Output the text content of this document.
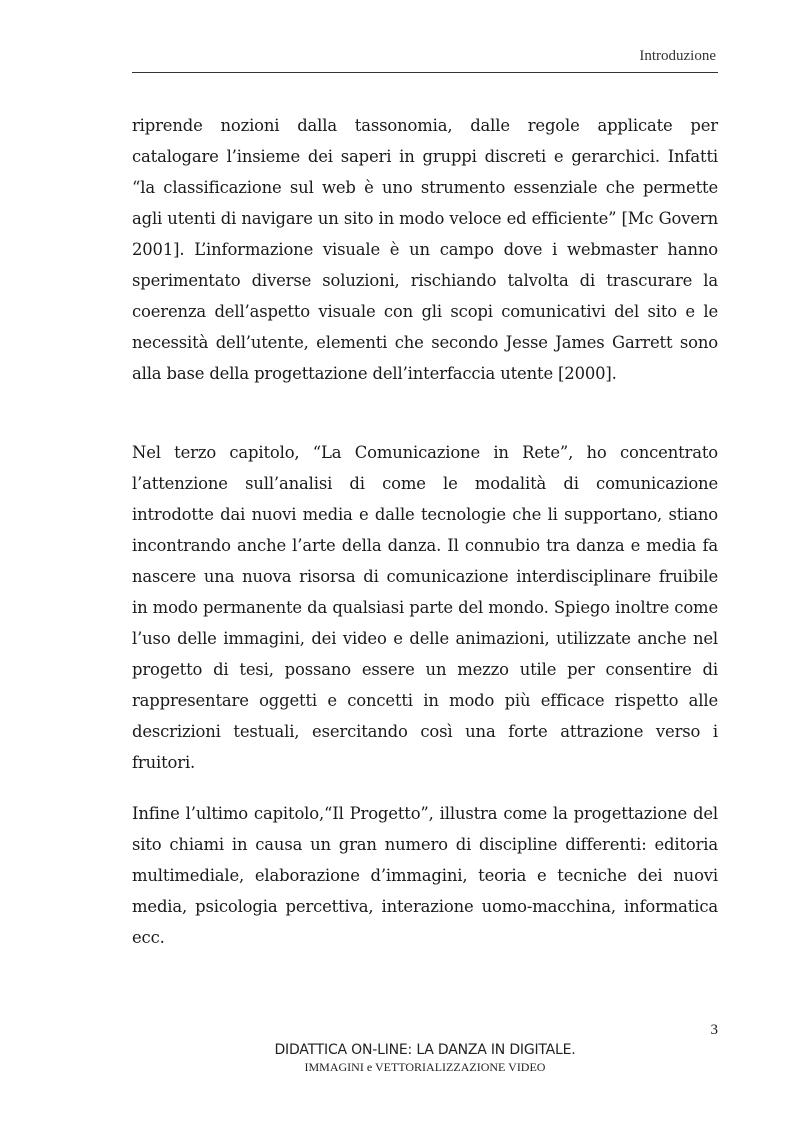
Introduzione

riprende nozioni dalla tassonomia, dalle regole applicate per catalogare l’insieme dei saperi in gruppi discreti e gerarchici. Infatti “la classificazione sul web è uno strumento essenziale che permette agli utenti di navigare un sito in modo veloce ed efficiente” [Mc Govern 2001]. L’informazione visuale è un campo dove i webmaster hanno sperimentato diverse soluzioni, rischiando talvolta di trascurare la coerenza dell’aspetto visuale con gli scopi comunicativi del sito e le necessità dell’utente, elementi che secondo Jesse James Garrett sono alla base della progettazione dell’interfaccia utente [2000].

Nel terzo capitolo, “La Comunicazione in Rete”, ho concentrato l’attenzione sull’analisi di come le modalità di comunicazione introdotte dai nuovi media e dalle tecnologie che li supportano, stiano incontrando anche l’arte della danza. Il connubio tra danza e media fa nascere una nuova risorsa di comunicazione interdisciplinare fruibile in modo permanente da qualsiasi parte del mondo. Spiego inoltre come l’uso delle immagini, dei video e delle animazioni, utilizzate anche nel progetto di tesi, possano essere un mezzo utile per consentire di rappresentare oggetti e concetti in modo più efficace rispetto alle descrizioni testuali, esercitando così una forte attrazione verso i fruitori.

Infine l’ultimo capitolo,“Il Progetto”, illustra come la progettazione del sito chiami in causa un gran numero di discipline differenti: editoria multimediale, elaborazione d’immagini, teoria e tecniche dei nuovi media, psicologia percettiva, interazione uomo-macchina, informatica ecc.

3
DIDATTICA ON-LINE: LA DANZA IN DIGITALE.
IMMAGINI e VETTORIALIZZAZIONE VIDEO
